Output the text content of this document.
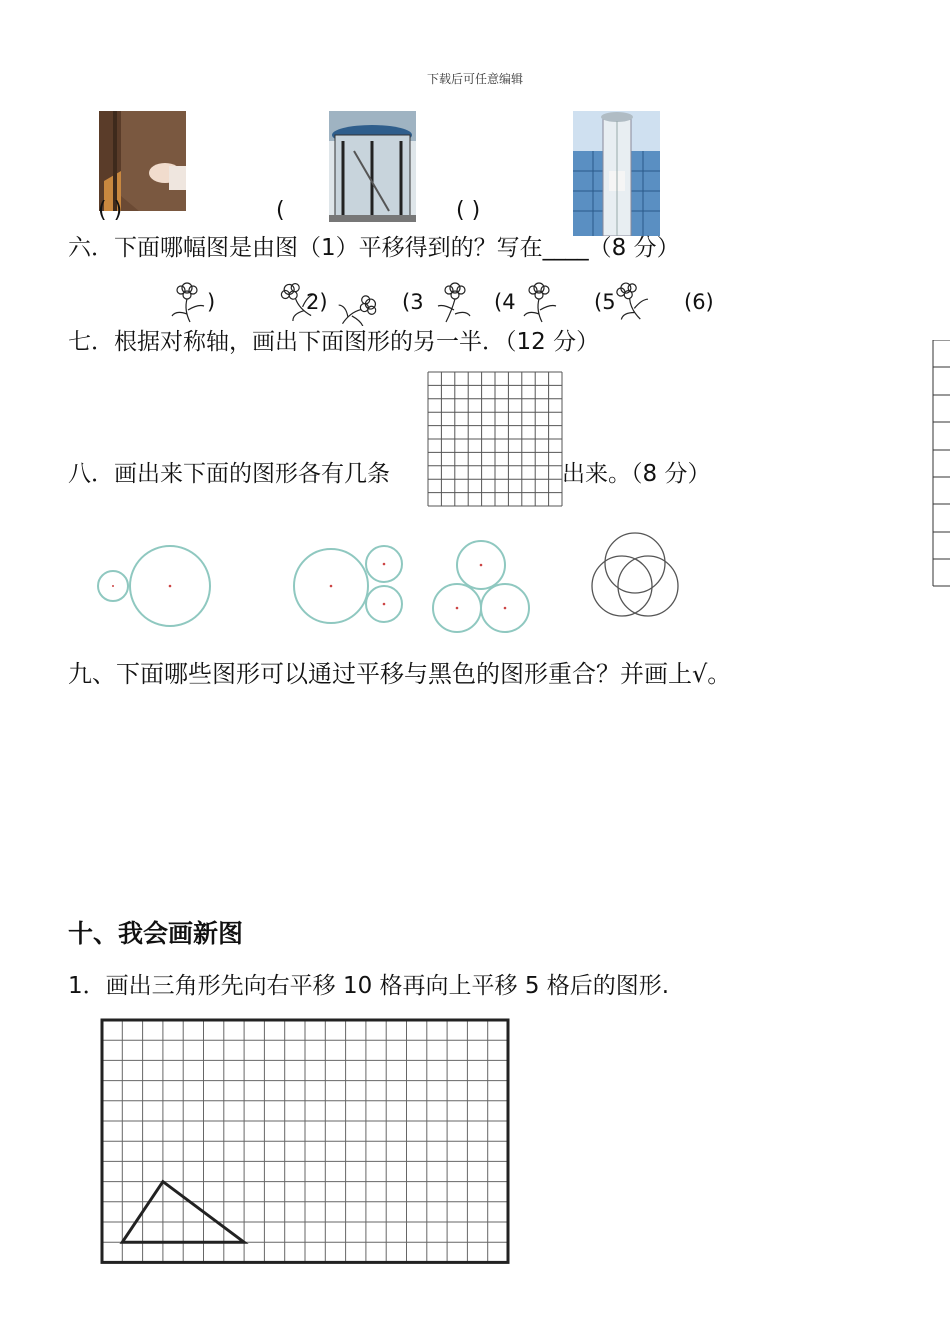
下载后可任意编辑
( )	(	( )
六．下面哪幅图是由图（1）平移得到的？写在____（8 分）
)	2)	(3	(4	(5	(6)
七．根据对称轴，画出下面图形的另一半．（12 分）
八．画出来下面的图形各有几条	出来。（8 分）
九、下面哪些图形可以通过平移与黑色的图形重合？并画上√。
十、我会画新图
1．画出三角形先向右平移 10 格再向上平移 5 格后的图形.
